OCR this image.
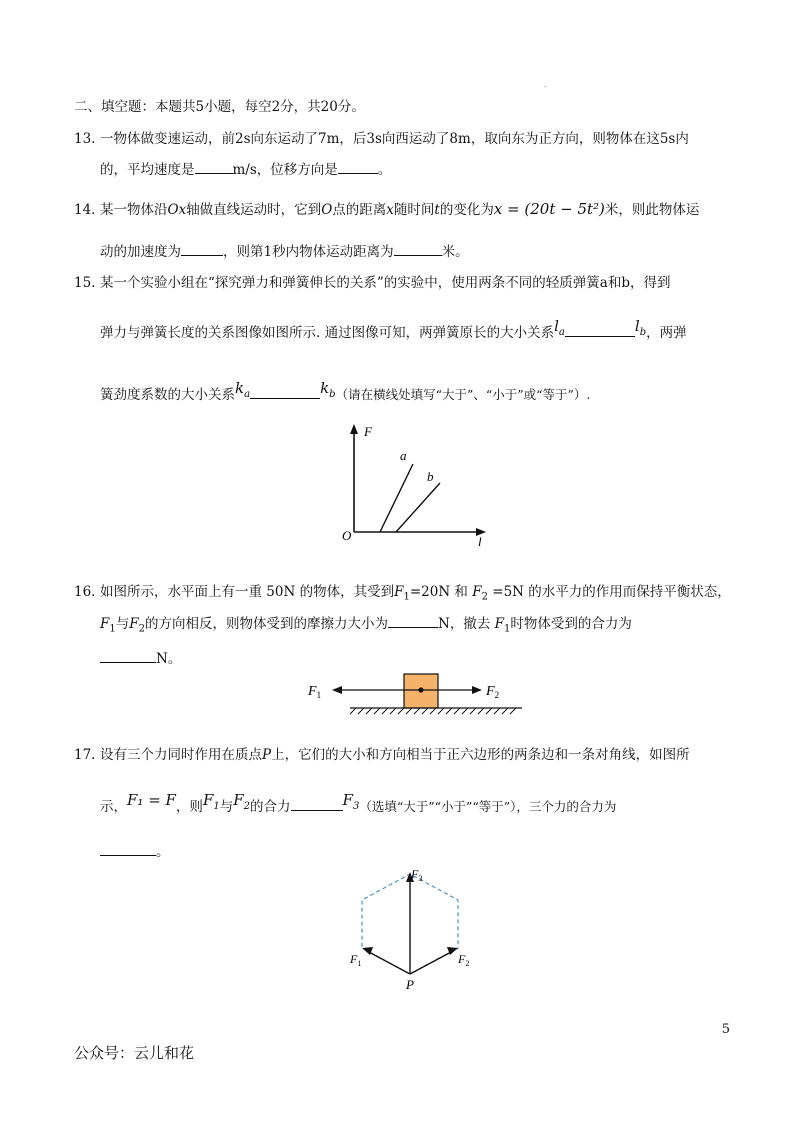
.
二、填空题：本题共5小题，每空2分，共20分。
13. 一物体做变速运动，前2s向东运动了7m，后3s向西运动了8m，取向东为正方向，则物体在这5s内
的，平均速度是	m/s，位移方向是	。
14. 某一物体沿Ox轴做直线运动时，它到O点的距离x随时间t的变化为x = (20t − 5t²)米，则此物体运
动的加速度为	，则第1秒内物体运动距离为	米。
15. 某一个实验小组在“探究弹力和弹簧伸长的关系”的实验中，使用两条不同的轻质弹簧a和b，得到
弹力与弹簧长度的关系图像如图所示. 通过图像可知，两弹簧原长的大小关系$l_a$	$l_b$，两弹
簧劲度系数的大小关系$k_a$	$k_b$（请在横线处填写“大于”、“小于”或“等于”）.
F
O	l
a
b
16. 如图所示，水平面上有一重 50N 的物体，其受到$F_1=20N$ 和 $F_2 =5N$ 的水平力的作用而保持平衡状态，
$F_1$与$F_2$的方向相反，则物体受到的摩擦力大小为	N，撤去 $F_1$时物体受到的合力为
N。
$F_1$	$F_2$
17. 设有三个力同时作用在质点P上，它们的大小和方向相当于正六边形的两条边和一条对角线，如图所
示，F₁ = F，则$F_1$与$F_2$的合力	$F_3$（选填“大于”“小于”“等于”），三个力的合力为
。
$F_3$
$F_1$	$F_2$
P
5
公众号：云儿和花
